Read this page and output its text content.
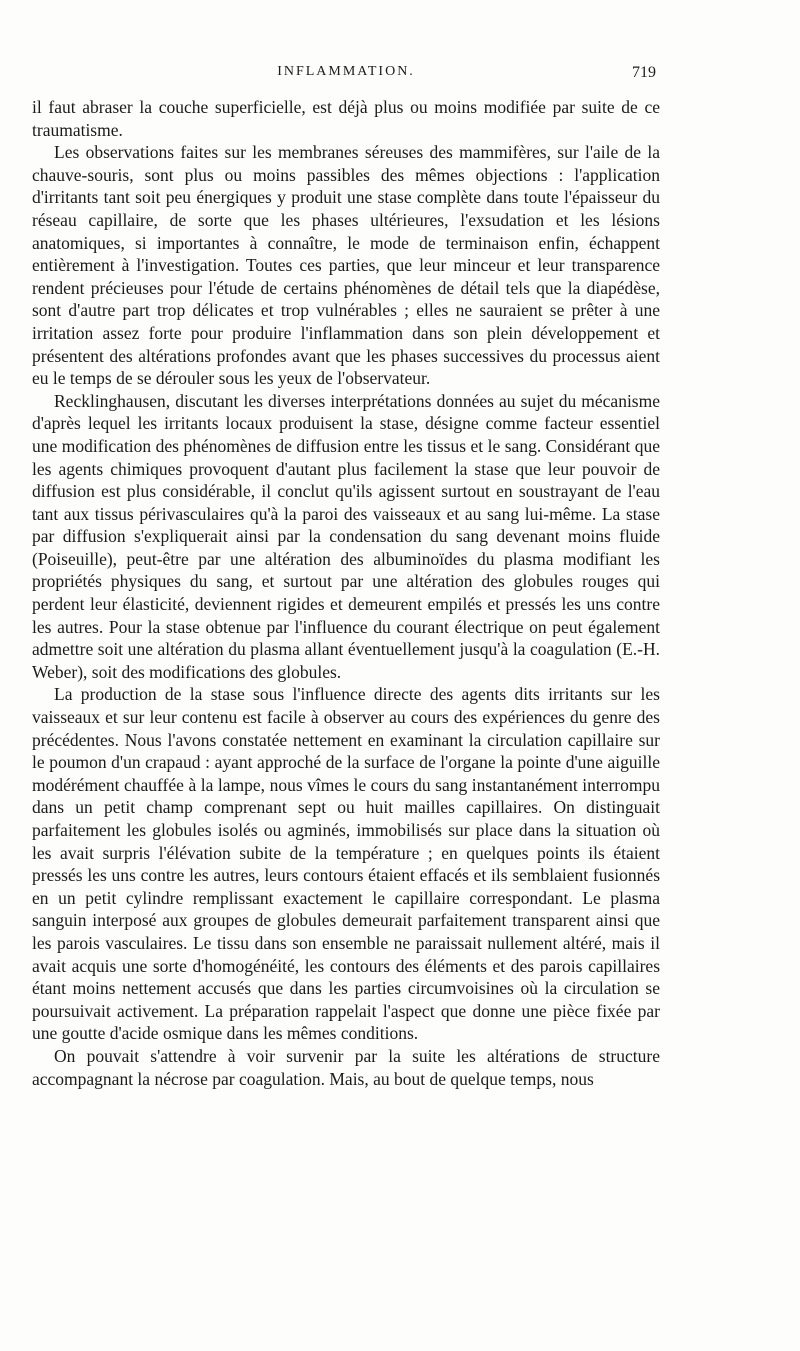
INFLAMMATION.	719

il faut abraser la couche superficielle, est déjà plus ou moins modifiée par suite de ce traumatisme.

Les observations faites sur les membranes séreuses des mammifères, sur l'aile de la chauve-souris, sont plus ou moins passibles des mêmes objections : l'application d'irritants tant soit peu énergiques y produit une stase complète dans toute l'épaisseur du réseau capillaire, de sorte que les phases ultérieures, l'exsudation et les lésions anatomiques, si importantes à connaître, le mode de terminaison enfin, échappent entièrement à l'investigation. Toutes ces parties, que leur minceur et leur transparence rendent précieuses pour l'étude de certains phénomènes de détail tels que la diapédèse, sont d'autre part trop délicates et trop vulnérables ; elles ne sauraient se prêter à une irritation assez forte pour produire l'inflammation dans son plein développement et présentent des altérations profondes avant que les phases successives du processus aient eu le temps de se dérouler sous les yeux de l'observateur.

Recklinghausen, discutant les diverses interprétations données au sujet du mécanisme d'après lequel les irritants locaux produisent la stase, désigne comme facteur essentiel une modification des phénomènes de diffusion entre les tissus et le sang. Considérant que les agents chimiques provoquent d'autant plus facilement la stase que leur pouvoir de diffusion est plus considérable, il conclut qu'ils agissent surtout en soustrayant de l'eau tant aux tissus périvasculaires qu'à la paroi des vaisseaux et au sang lui-même. La stase par diffusion s'expliquerait ainsi par la condensation du sang devenant moins fluide (Poiseuille), peut-être par une altération des albuminoïdes du plasma modifiant les propriétés physiques du sang, et surtout par une altération des globules rouges qui perdent leur élasticité, deviennent rigides et demeurent empilés et pressés les uns contre les autres. Pour la stase obtenue par l'influence du courant électrique on peut également admettre soit une altération du plasma allant éventuellement jusqu'à la coagulation (E.-H. Weber), soit des modifications des globules.

La production de la stase sous l'influence directe des agents dits irritants sur les vaisseaux et sur leur contenu est facile à observer au cours des expériences du genre des précédentes. Nous l'avons constatée nettement en examinant la circulation capillaire sur le poumon d'un crapaud : ayant approché de la surface de l'organe la pointe d'une aiguille modérément chauffée à la lampe, nous vîmes le cours du sang instantanément interrompu dans un petit champ comprenant sept ou huit mailles capillaires. On distinguait parfaitement les globules isolés ou agminés, immobilisés sur place dans la situation où les avait surpris l'élévation subite de la température ; en quelques points ils étaient pressés les uns contre les autres, leurs contours étaient effacés et ils semblaient fusionnés en un petit cylindre remplissant exactement le capillaire correspondant. Le plasma sanguin interposé aux groupes de globules demeurait parfaitement transparent ainsi que les parois vasculaires. Le tissu dans son ensemble ne paraissait nullement altéré, mais il avait acquis une sorte d'homogénéité, les contours des éléments et des parois capillaires étant moins nettement accusés que dans les parties circumvoisines où la circulation se poursuivait activement. La préparation rappelait l'aspect que donne une pièce fixée par une goutte d'acide osmique dans les mêmes conditions.

On pouvait s'attendre à voir survenir par la suite les altérations de structure accompagnant la nécrose par coagulation. Mais, au bout de quelque temps, nous
